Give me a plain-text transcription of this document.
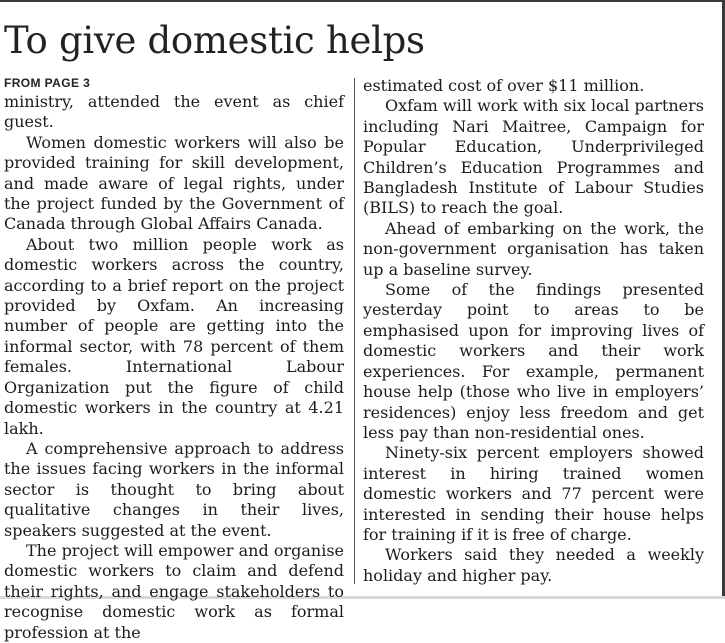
To give domestic helps
FROM PAGE 3

ministry, attended the event as chief guest.

Women domestic workers will also be provided training for skill development, and made aware of legal rights, under the project funded by the Government of Canada through Global Affairs Canada.

About two million people work as domestic workers across the country, according to a brief report on the project provided by Oxfam. An increasing number of people are getting into the informal sector, with 78 percent of them females. International Labour Organization put the figure of child domestic workers in the country at 4.21 lakh.

A comprehensive approach to address the issues facing workers in the informal sector is thought to bring about qualitative changes in their lives, speakers suggested at the event.

The project will empower and organise domestic workers to claim and defend their rights, and engage stakeholders to recognise domestic work as formal profession at the

estimated cost of over $11 million.

Oxfam will work with six local partners including Nari Maitree, Campaign for Popular Education, Underprivileged Children’s Education Programmes and Bangladesh Institute of Labour Studies (BILS) to reach the goal.

Ahead of embarking on the work, the non-government organisation has taken up a baseline survey.

Some of the findings presented yesterday point to areas to be emphasised upon for improving lives of domestic workers and their work experiences. For example, permanent house help (those who live in employers’ residences) enjoy less freedom and get less pay than non-residential ones.

Ninety-six percent employers showed interest in hiring trained women domestic workers and 77 percent were interested in sending their house helps for training if it is free of charge.

Workers said they needed a weekly holiday and higher pay.
